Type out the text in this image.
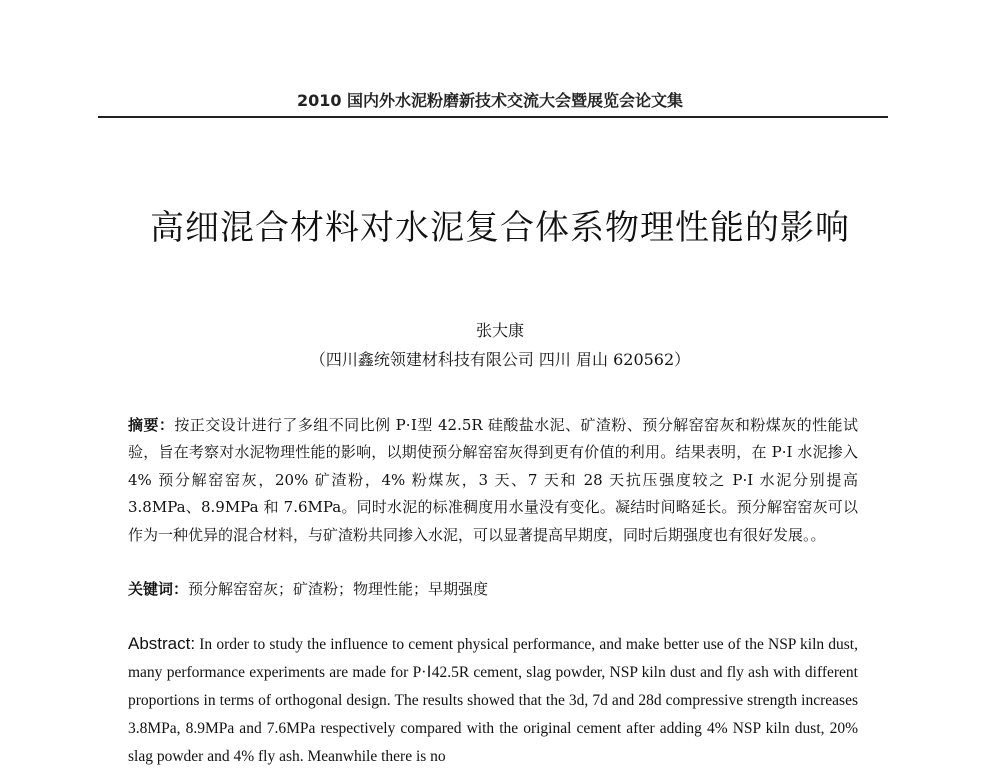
2010 国内外水泥粉磨新技术交流大会暨展览会论文集
高细混合材料对水泥复合体系物理性能的影响
张大康
（四川鑫统领建材科技有限公司 四川 眉山 620562）
摘要：按正交设计进行了多组不同比例 P·Ⅰ型 42.5R 硅酸盐水泥、矿渣粉、预分解窑窑灰和粉煤灰的性能试验，旨在考察对水泥物理性能的影响，以期使预分解窑窑灰得到更有价值的利用。结果表明，在 P·I 水泥掺入 4% 预分解窑窑灰，20% 矿渣粉，4% 粉煤灰，3 天、7 天和 28 天抗压强度较之 P·I 水泥分别提高 3.8MPa、8.9MPa 和 7.6MPa。同时水泥的标准稠度用水量没有变化。凝结时间略延长。预分解窑窑灰可以作为一种优异的混合材料，与矿渣粉共同掺入水泥，可以显著提高早期度，同时后期强度也有很好发展。。
关键词：预分解窑窑灰；矿渣粉；物理性能；早期强度
Abstract: In order to study the influence to cement physical performance, and make better use of the NSP kiln dust, many performance experiments are made for P·Ⅰ42.5R cement, slag powder, NSP kiln dust and fly ash with different proportions in terms of orthogonal design. The results showed that the 3d, 7d and 28d compressive strength increases 3.8MPa, 8.9MPa and 7.6MPa respectively compared with the original cement after adding 4% NSP kiln dust, 20% slag powder and 4% fly ash. Meanwhile there is no
